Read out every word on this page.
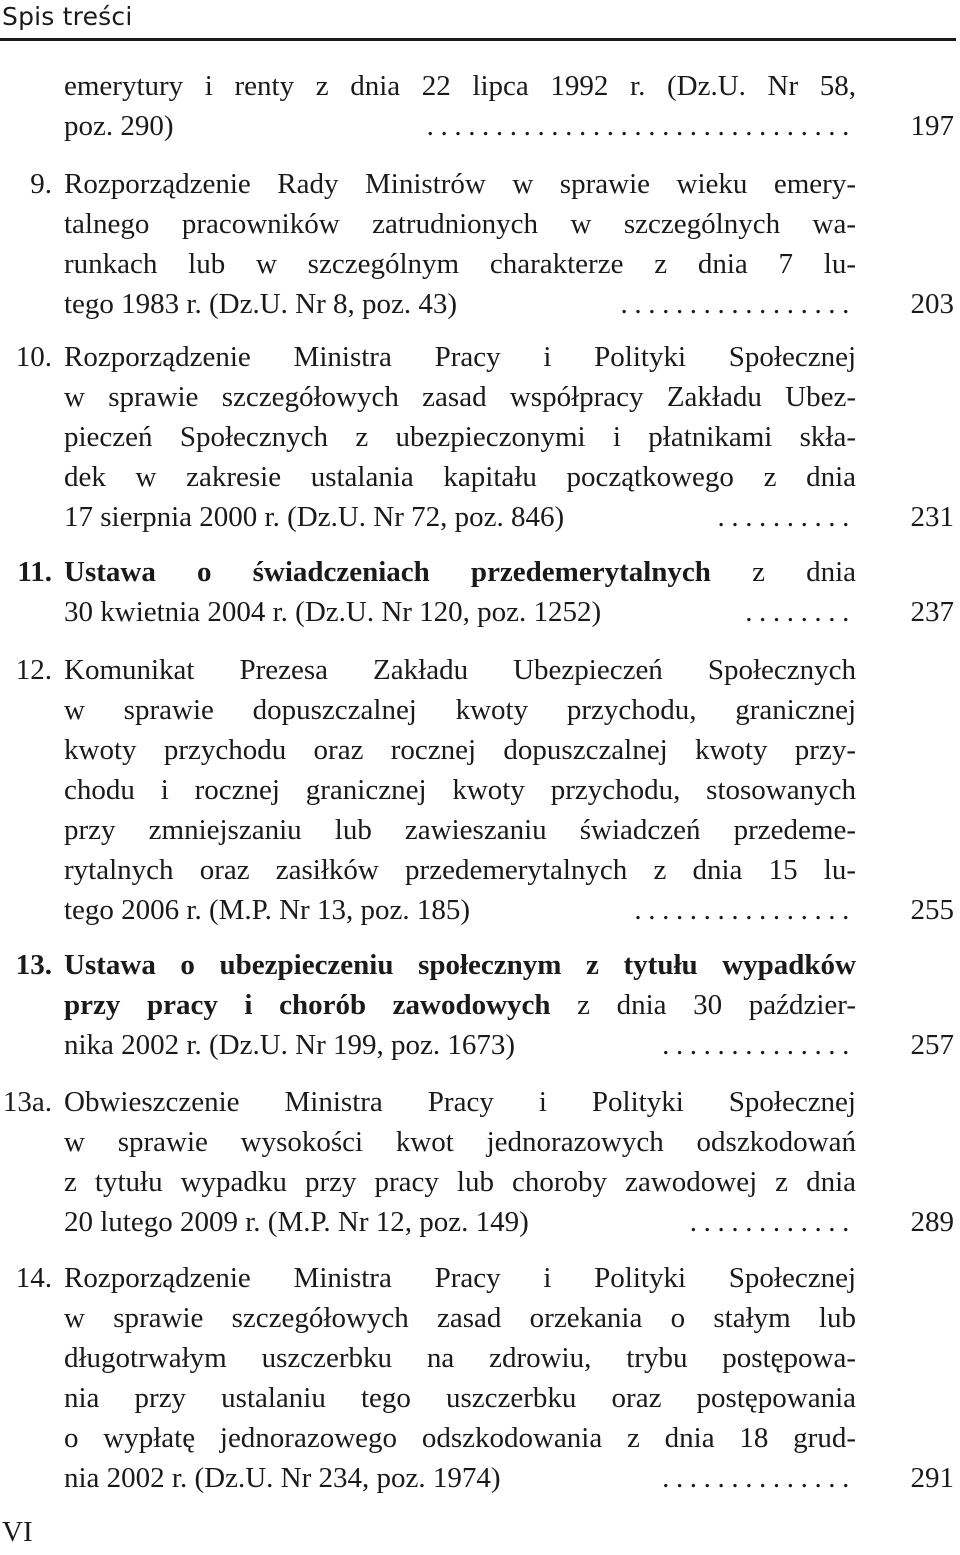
Spis treści
emerytury i renty z dnia 22 lipca 1992 r. (Dz.U. Nr 58,
poz. 290)	...............................	197
9. Rozporządzenie Rady Ministrów w sprawie wieku emery-
talnego pracowników zatrudnionych w szczególnych wa-
runkach lub w szczególnym charakterze z dnia 7 lu-
tego 1983 r. (Dz.U. Nr 8, poz. 43)	.................	203
10. Rozporządzenie Ministra Pracy i Polityki Społecznej
w sprawie szczegółowych zasad współpracy Zakładu Ubez-
pieczeń Społecznych z ubezpieczonymi i płatnikami skła-
dek w zakresie ustalania kapitału początkowego z dnia
17 sierpnia 2000 r. (Dz.U. Nr 72, poz. 846)	..........	231
11. Ustawa o świadczeniach przedemerytalnych z dnia
30 kwietnia 2004 r. (Dz.U. Nr 120, poz. 1252)	........	237
12. Komunikat Prezesa Zakładu Ubezpieczeń Społecznych
w sprawie dopuszczalnej kwoty przychodu, granicznej
kwoty przychodu oraz rocznej dopuszczalnej kwoty przy-
chodu i rocznej granicznej kwoty przychodu, stosowanych
przy zmniejszaniu lub zawieszaniu świadczeń przedeme-
rytalnych oraz zasiłków przedemerytalnych z dnia 15 lu-
tego 2006 r. (M.P. Nr 13, poz. 185)	................	255
13. Ustawa o ubezpieczeniu społecznym z tytułu wypadków
przy pracy i chorób zawodowych z dnia 30 paździer-
nika 2002 r. (Dz.U. Nr 199, poz. 1673)	..............	257
13a. Obwieszczenie Ministra Pracy i Polityki Społecznej
w sprawie wysokości kwot jednorazowych odszkodowań
z tytułu wypadku przy pracy lub choroby zawodowej z dnia
20 lutego 2009 r. (M.P. Nr 12, poz. 149)	............	289
14. Rozporządzenie Ministra Pracy i Polityki Społecznej
w sprawie szczegółowych zasad orzekania o stałym lub
długotrwałym uszczerbku na zdrowiu, trybu postępowa-
nia przy ustalaniu tego uszczerbku oraz postępowania
o wypłatę jednorazowego odszkodowania z dnia 18 grud-
nia 2002 r. (Dz.U. Nr 234, poz. 1974)	..............	291
VI
